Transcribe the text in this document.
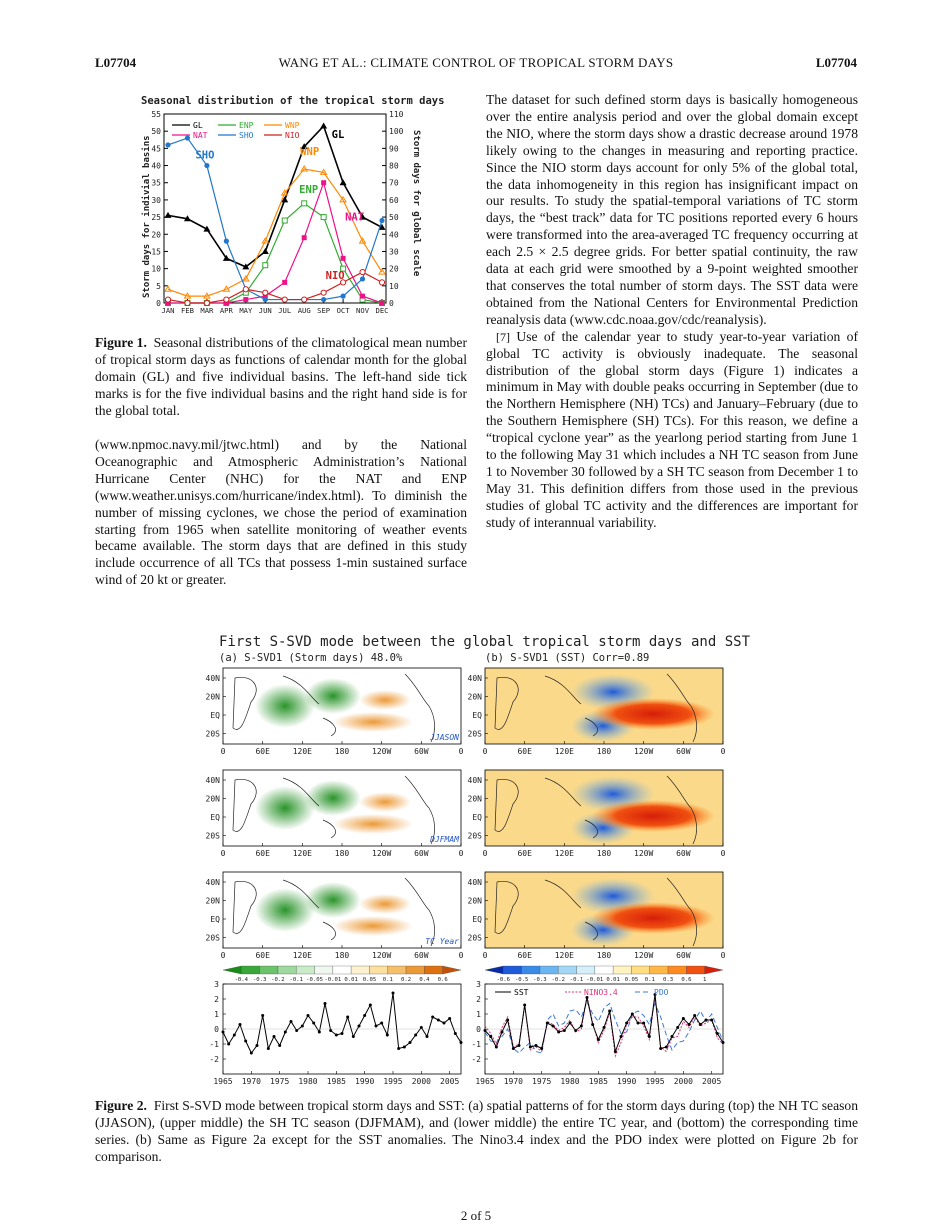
L07704	WANG ET AL.: CLIMATE CONTROL OF TROPICAL STORM DAYS	L07704
Seasonal distribution of the tropical storm days
Storm days for indivial basins	Storm days for global scale
0
5
10
15
20
25
30
35
40
45
50
55
0
10
20
30
40
50
60
70
80
90
100
110
JAN FEB MAR APR MAY JUN JUL AUG SEP OCT NOV DEC
GL	ENP	WNP
NAT	SHO	NIO	GL
ENP
WNP
NAT
SHO
NIO
Figure 1. Seasonal distributions of the climatological mean number of tropical storm days as functions of calendar month for the global domain (GL) and five individual basins. The left-hand side tick marks is for the five individual basins and the right hand side is for the global total.
(www.npmoc.navy.mil/jtwc.html) and by the National Oceanographic and Atmospheric Administration’s National Hurricane Center (NHC) for the NAT and ENP (www.weather.unisys.com/hurricane/index.html). To diminish the number of missing cyclones, we chose the period of examination starting from 1965 when satellite monitoring of weather events became available. The storm days that are defined in this study include occurrence of all TCs that possess 1-min sustained surface wind of 20 kt or greater.
The dataset for such defined storm days is basically homogeneous over the entire analysis period and over the global domain except the NIO, where the storm days show a drastic decrease around 1978 likely owing to the changes in measuring and reporting practice. Since the NIO storm days account for only 5% of the global total, the data inhomogeneity in this region has insignificant impact on our results. To study the spatial-temporal variations of TC storm days, the “best track” data for TC positions reported every 6 hours were transformed into the area-averaged TC frequency occurring at each 2.5 × 2.5 degree grids. For better spatial continuity, the raw data at each grid were smoothed by a 9-point weighted smoother that conserves the total number of storm days. The SST data were obtained from the National Centers for Environmental Prediction reanalysis data (www.cdc.noaa.gov/cdc/reanalysis).
[7] Use of the calendar year to study year-to-year variation of global TC activity is obviously inadequate. The seasonal distribution of the global storm days (Figure 1) indicates a minimum in May with double peaks occurring in September (due to the Northern Hemisphere (NH) TCs) and January–February (due to the Southern Hemisphere (SH) TCs). For this reason, we define a “tropical cyclone year” as the yearlong period starting from June 1 to the following May 31 which includes a NH TC season from June 1 to November 30 followed by a SH TC season from December 1 to May 31. This definition differs from those used in the previous studies of global TC activity and the differences are important for study of interannual variability.
First S-SVD mode between the global tropical storm days and SST
(a) S-SVD1 (Storm days) 48.0%	(b) S-SVD1 (SST) Corr=0.89
40N
20N
EQ
20S
0	60E	120E	180	120W	60W	0
JJASON
40N
20N
EQ
20S
0	60E	120E	180	120W	60W	0
40N
20N
EQ
20S
0	60E	120E	180	120W	60W	0
DJFMAM
40N
20N
EQ
20S
0	60E	120E	180	120W	60W	0
40N
20N
EQ
20S
0	60E	120E	180	120W	60W	0
TC Year
40N
20N
EQ
20S
0	60E	120E	180	120W	60W	0
-0.4 -0.3 -0.2 -0.1 -0.05 -0.01 0.01 0.05 0.1 0.2 0.4 0.6	-0.6 -0.5 -0.3 -0.2 -0.1 -0.01 0.01 0.05 0.1 0.3 0.6 1
3
2
1
0
-1
-2
1965 1970 1975 1980 1985 1990 1995 2000 2005
3
2
1
0
-1
-2
1965 1970 1975 1980 1985 1990 1995 2000 2005
SST	NINO3.4	PDO
Figure 2. First S-SVD mode between tropical storm days and SST: (a) spatial patterns of for the storm days during (top) the NH TC season (JJASON), (upper middle) the SH TC season (DJFMAM), and (lower middle) the entire TC year, and (bottom) the corresponding time series. (b) Same as Figure 2a except for the SST anomalies. The Nino3.4 index and the PDO index were plotted on Figure 2b for comparison.
2 of 5
